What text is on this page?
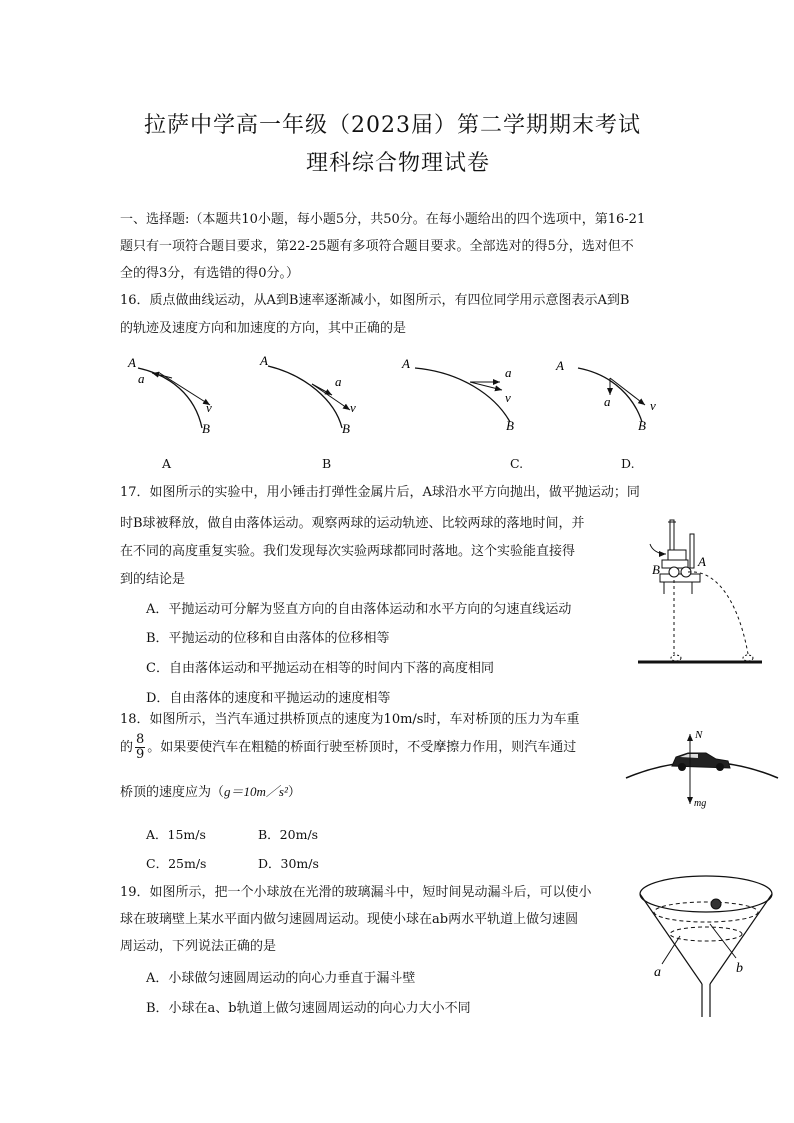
拉萨中学高一年级（2023届）第二学期期末考试
理科综合物理试卷
一、选择题:（本题共10小题，每小题5分，共50分。在每小题给出的四个选项中，第16-21
题只有一项符合题目要求，第22-25题有多项符合题目要求。全部选对的得5分，选对但不
全的得3分，有选错的得0分。）
16．质点做曲线运动，从A到B速率逐渐减小，如图所示，有四位同学用示意图表示A到B
的轨迹及速度方向和加速度的方向，其中正确的是
A
a
v
B
A
a
v
B
A
a
v
B
A
a	v
B
A	B	C.	D.
17．如图所示的实验中，用小锤击打弹性金属片后，A球沿水平方向抛出，做平抛运动；同
时B球被释放，做自由落体运动。观察两球的运动轨迹、比较两球的落地时间，并
在不同的高度重复实验。我们发现每次实验两球都同时落地。这个实验能直接得
到的结论是
A．平抛运动可分解为竖直方向的自由落体运动和水平方向的匀速直线运动
B．平抛运动的位移和自由落体的位移相等
C．自由落体运动和平抛运动在相等的时间内下落的高度相同
D．自由落体的速度和平抛运动的速度相等
B
A
18．如图所示，当汽车通过拱桥顶点的速度为10m/s时，车对桥顶的压力为车重
的 $\frac{8}{9}$ 。如果要使汽车在粗糙的桥面行驶至桥顶时，不受摩擦力作用，则汽车通过
桥顶的速度应为（g＝10m／s²）
A．15m/s	B．20m/s
C．25m/s	D．30m/s
N
mg
19．如图所示，把一个小球放在光滑的玻璃漏斗中，短时间晃动漏斗后，可以使小
球在玻璃壁上某水平面内做匀速圆周运动。现使小球在ab两水平轨道上做匀速圆
周运动，下列说法正确的是
A．小球做匀速圆周运动的向心力垂直于漏斗壁
B．小球在a、b轨道上做匀速圆周运动的向心力大小不同
a	b
